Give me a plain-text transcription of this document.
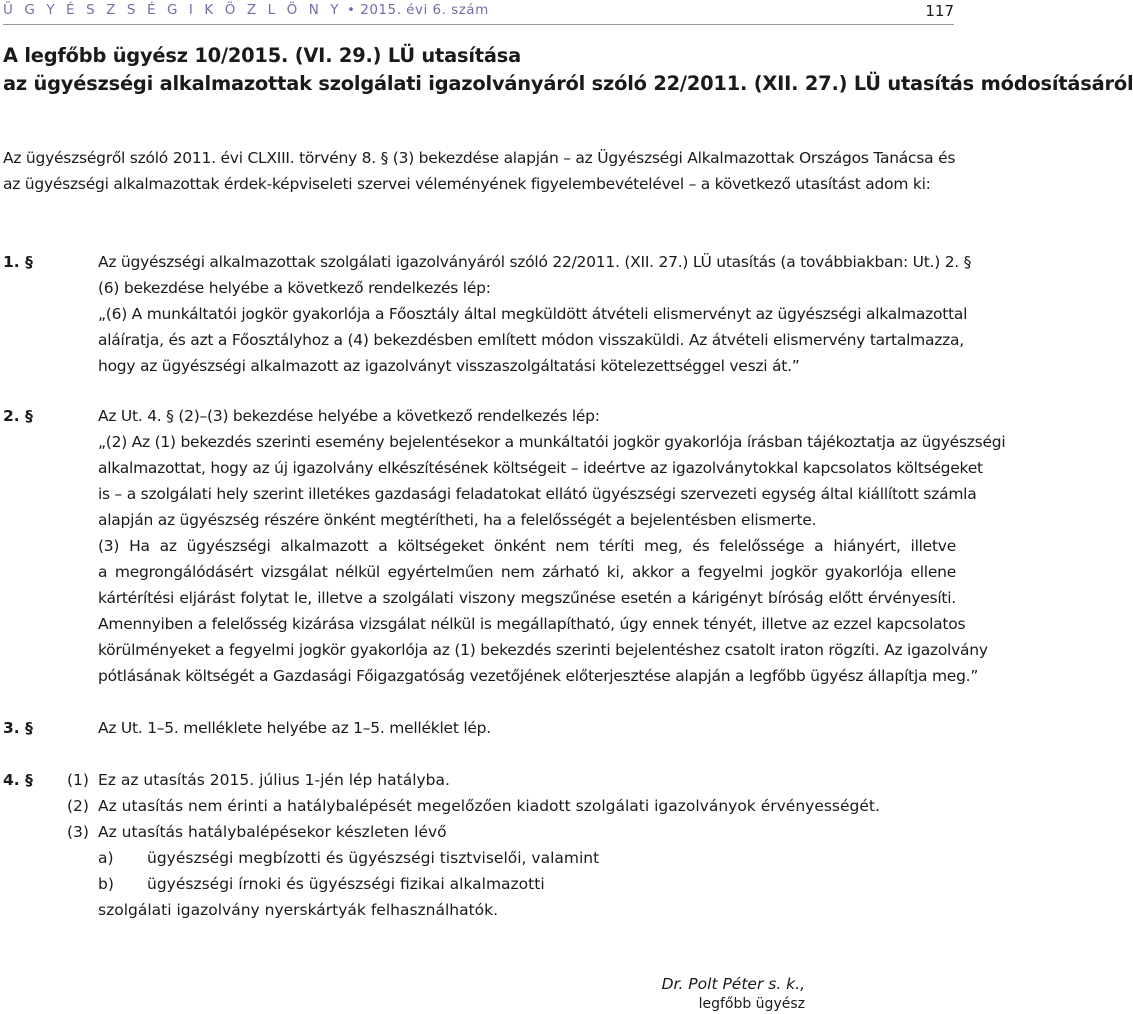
Ü G Y É S Z S É G I K Ö Z L Ö N Y • 2015. évi 6. szám	117
A legfőbb ügyész 10/2015. (VI. 29.) LÜ utasítása
az ügyészségi alkalmazottak szolgálati igazolványáról szóló 22/2011. (XII. 27.) LÜ utasítás módosításáról
Az ügyészségről szóló 2011. évi CLXIII. törvény 8. § (3) bekezdése alapján – az Ügyészségi Alkalmazottak Országos Tanácsa és
az ügyészségi alkalmazottak érdek-képviseleti szervei véleményének figyelembevételével – a következő utasítást adom ki:
1. §	Az ügyészségi alkalmazottak szolgálati igazolványáról szóló 22/2011. (XII. 27.) LÜ utasítás (a továbbiakban: Ut.) 2. §
(6) bekezdése helyébe a következő rendelkezés lép:
„(6) A munkáltatói jogkör gyakorlója a Főosztály által megküldött átvételi elismervényt az ügyészségi alkalmazottal
aláíratja, és azt a Főosztályhoz a (4) bekezdésben említett módon visszaküldi. Az átvételi elismervény tartalmazza,
hogy az ügyészségi alkalmazott az igazolványt visszaszolgáltatási kötelezettséggel veszi át.”
2. §	Az Ut. 4. § (2)–(3) bekezdése helyébe a következő rendelkezés lép:
„(2) Az (1) bekezdés szerinti esemény bejelentésekor a munkáltatói jogkör gyakorlója írásban tájékoztatja az ügyészségi
alkalmazottat, hogy az új igazolvány elkészítésének költségeit – ideértve az igazolványtokkal kapcsolatos költségeket
is – a szolgálati hely szerint illetékes gazdasági feladatokat ellátó ügyészségi szervezeti egység által kiállított számla
alapján az ügyészség részére önként megtérítheti, ha a felelősségét a bejelentésben elismerte.
(3) Ha az ügyészségi alkalmazott a költségeket önként nem téríti meg, és felelőssége a hiányért, illetve
a megrongálódásért vizsgálat nélkül egyértelműen nem zárható ki, akkor a fegyelmi jogkör gyakorlója ellene
kártérítési eljárást folytat le, illetve a szolgálati viszony megszűnése esetén a kárigényt bíróság előtt érvényesíti.
Amennyiben a felelősség kizárása vizsgálat nélkül is megállapítható, úgy ennek tényét, illetve az ezzel kapcsolatos
körülményeket a fegyelmi jogkör gyakorlója az (1) bekezdés szerinti bejelentéshez csatolt iraton rögzíti. Az igazolvány
pótlásának költségét a Gazdasági Főigazgatóság vezetőjének előterjesztése alapján a legfőbb ügyész állapítja meg.”
3. §	Az Ut. 1–5. melléklete helyébe az 1–5. melléklet lép.
4. § (1) Ez az utasítás 2015. július 1-jén lép hatályba.
(2) Az utasítás nem érinti a hatálybalépését megelőzően kiadott szolgálati igazolványok érvényességét.
(3) Az utasítás hatálybalépésekor készleten lévő
a) ügyészségi megbízotti és ügyészségi tisztviselői, valamint
b) ügyészségi írnoki és ügyészségi fizikai alkalmazotti
szolgálati igazolvány nyerskártyák felhasználhatók.
Dr. Polt Péter s. k.,
legfőbb ügyész
